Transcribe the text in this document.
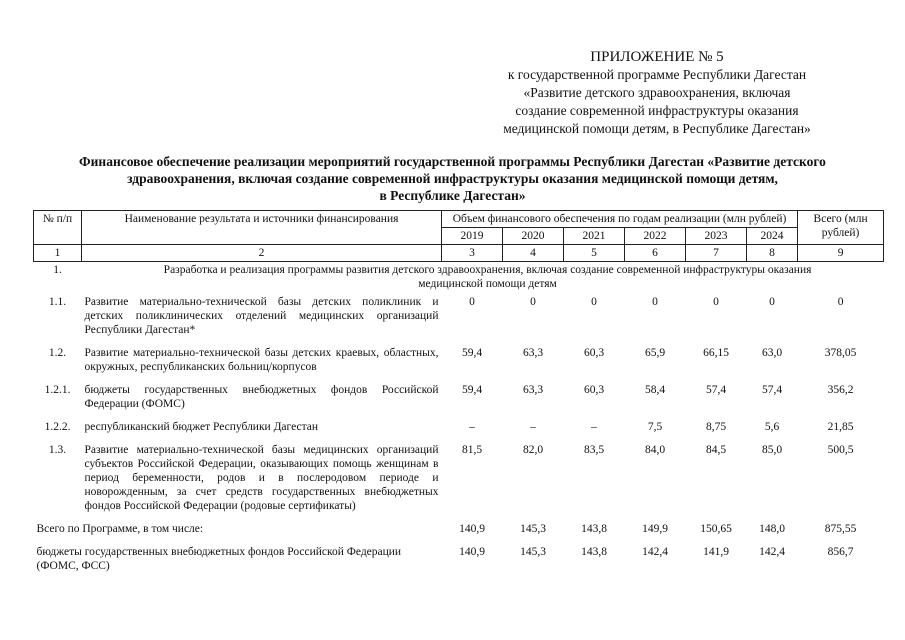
ПРИЛОЖЕНИЕ № 5
к государственной программе Республики Дагестан
«Развитие детского здравоохранения, включая
создание современной инфраструктуры оказания
медицинской помощи детям, в Республике Дагестан»
Финансовое обеспечение реализации мероприятий государственной программы Республики Дагестан «Развитие детского
здравоохранения, включая создание современной инфраструктуры оказания медицинской помощи детям,
в Республике Дагестан»
№ п/п	Наименование результата и источники финансирования	Объем финансового обеспечения по годам реализации (млн рублей)						Всего (млн рублей)
		2019	2020	2021	2022	2023	2024	
1	2	3	4	5	6	7	8	9
1.	Разработка и реализация программы развития детского здравоохранения, включая создание современной инфраструктуры оказания медицинской помощи детям							
1.1.	Развитие материально-технической базы детских поликлиник и детских поликлинических отделений медицинских организаций Республики Дагестан*	0	0	0	0	0	0	0
1.2.	Развитие материально-технической базы детских краевых, областных, окружных, республиканских больниц/корпусов	59,4	63,3	60,3	65,9	66,15	63,0	378,05
1.2.1.	бюджеты государственных внебюджетных фондов Российской Федерации (ФОМС)	59,4	63,3	60,3	58,4	57,4	57,4	356,2
1.2.2.	республиканский бюджет Республики Дагестан	–	–	–	7,5	8,75	5,6	21,85
1.3.	Развитие материально-технической базы медицинских организаций субъектов Российской Федерации, оказывающих помощь женщинам в период беременности, родов и в послеродовом периоде и новорожденным, за счет средств государственных внебюджетных фондов Российской Федерации (родовые сертификаты)	81,5	82,0	83,5	84,0	84,5	85,0	500,5
Всего по Программе, в том числе:		140,9	145,3	143,8	149,9	150,65	148,0	875,55
бюджеты государственных внебюджетных фондов Российской Федерации (ФОМС, ФСС)		140,9	145,3	143,8	142,4	141,9	142,4	856,7
